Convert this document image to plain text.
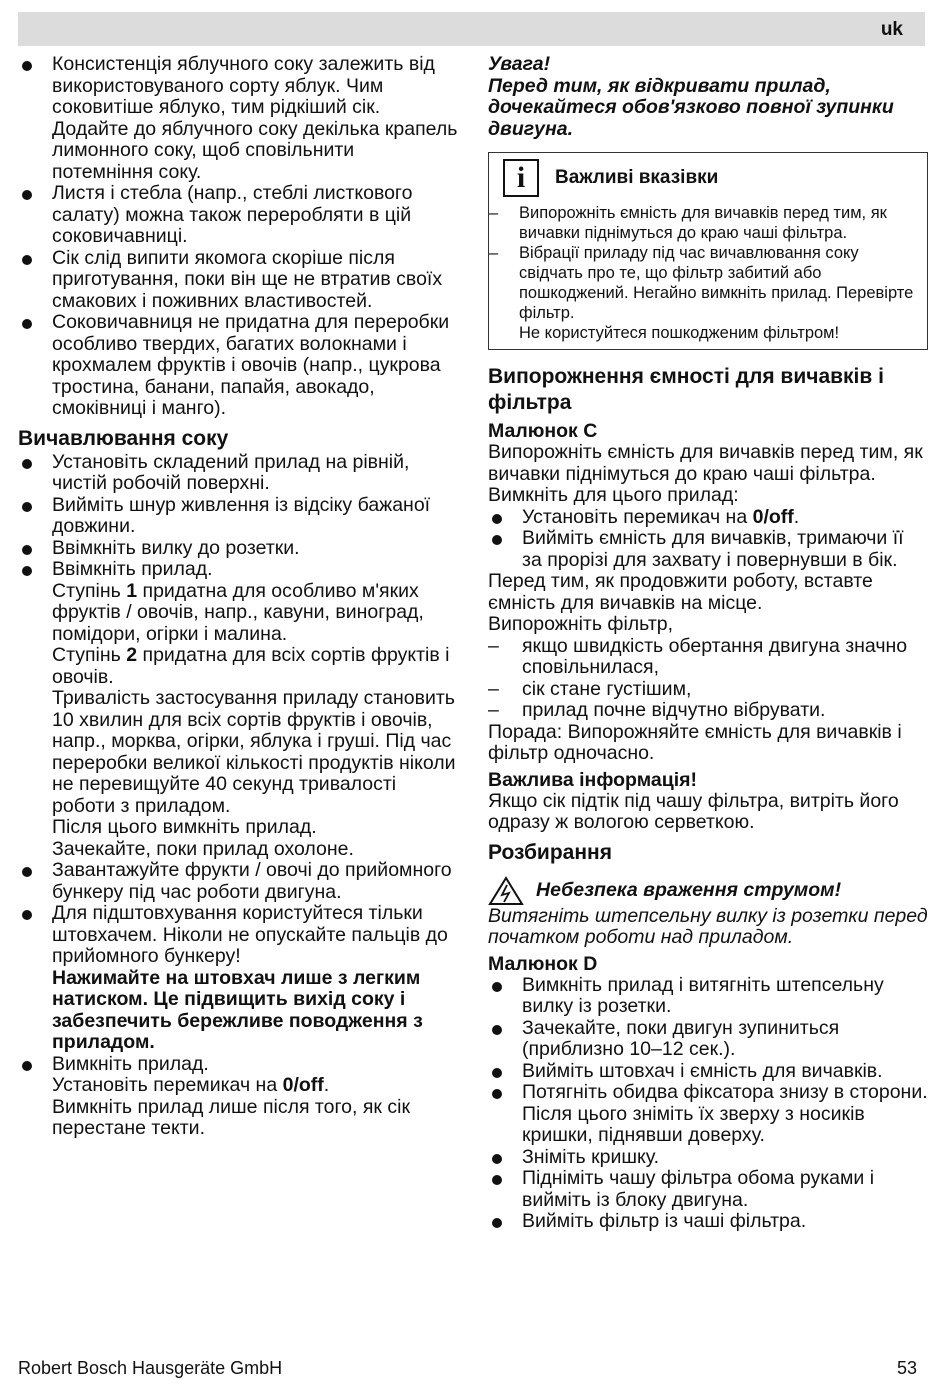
uk
Консистенція яблучного соку залежить від використовуваного сорту яблук. Чим соковитіше яблуко, тим рідкіший сік. Додайте до яблучного соку декілька крапель лимонного соку, щоб сповільнити потемніння соку.
Листя і стебла (напр., стеблі листкового салату) можна також переробляти в цій соковичавниці.
Сік слід випити якомога скоріше після приготування, поки він ще не втратив своїх смакових і поживних властивостей.
Соковичавниця не придатна для переробки особливо твердих, багатих волокнами і крохмалем фруктів і овочів (напр., цукрова тростина, банани, папайя, авокадо, смоківниці і манго).
Вичавлювання соку
Установіть складений прилад на рівній, чистій робочій поверхні.
Вийміть шнур живлення із відсіку бажаної довжини.
Ввімкніть вилку до розетки.
Ввімкніть прилад.
Ступінь 1 придатна для особливо м'яких фруктів / овочів, напр., кавуни, виноград, помідори, огірки і малина.
Ступінь 2 придатна для всіх сортів фруктів і овочів.
Тривалість застосування приладу становить 10 хвилин для всіх сортів фруктів і овочів, напр., морква, огірки, яблука і груші. Під час переробки великої кількості продуктів ніколи не перевищуйте 40 секунд тривалості роботи з приладом.
Після цього вимкніть прилад.
Зачекайте, поки прилад охолоне.
Завантажуйте фрукти / овочі до прийомного бункеру під час роботи двигуна.
Для підштовхування користуйтеся тільки штовхачем. Ніколи не опускайте пальців до прийомного бункеру!
Нажимайте на штовхач лише з легким натиском. Це підвищить вихід соку і забезпечить бережливе поводження з приладом.
Вимкніть прилад.
Установіть перемикач на 0/off.
Вимкніть прилад лише після того, як сік перестане текти.
Увага!
Перед тим, як відкривати прилад, дочекайтеся обов'язково повної зупинки двигуна.
i	Важливі вказівки
– Випорожніть ємність для вичавків перед тим, як вичавки піднімуться до краю чаші фільтра.
– Вібрації приладу під час вичавлювання соку свідчать про те, що фільтр забитий або пошкоджений. Негайно вимкніть прилад. Перевірте фільтр.
Не користуйтеся пошкодженим фільтром!
Випорожнення ємності для вичавків і фільтра
Малюнок C
Випорожніть ємність для вичавків перед тим, як вичавки піднімуться до краю чаші фільтра. Вимкніть для цього прилад:
Установіть перемикач на 0/off.
Вийміть ємність для вичавків, тримаючи її за прорізі для захвату і повернувши в бік.
Перед тим, як продовжити роботу, вставте ємність для вичавків на місце.
Випорожніть фільтр,
– якщо швидкість обертання двигуна значно сповільнилася,
– сік стане густішим,
– прилад почне відчутно вібрувати.
Порада: Випорожняйте ємність для вичавків і фільтр одночасно.
Важлива інформація!
Якщо сік підтік під чашу фільтра, витріть його одразу ж вологою серветкою.
Розбирання
Небезпека враження струмом!
Витягніть штепсельну вилку із розетки перед початком роботи над приладом.
Малюнок D
Вимкніть прилад і витягніть штепсельну вилку із розетки.
Зачекайте, поки двигун зупиниться (приблизно 10–12 сек.).
Вийміть штовхач і ємність для вичавків.
Потягніть обидва фіксатора знизу в сторони. Після цього зніміть їх зверху з носиків кришки, піднявши доверху.
Зніміть кришку.
Підніміть чашу фільтра обома руками і вийміть із блоку двигуна.
Вийміть фільтр із чаші фільтра.
Robert Bosch Hausgeräte GmbH	53
